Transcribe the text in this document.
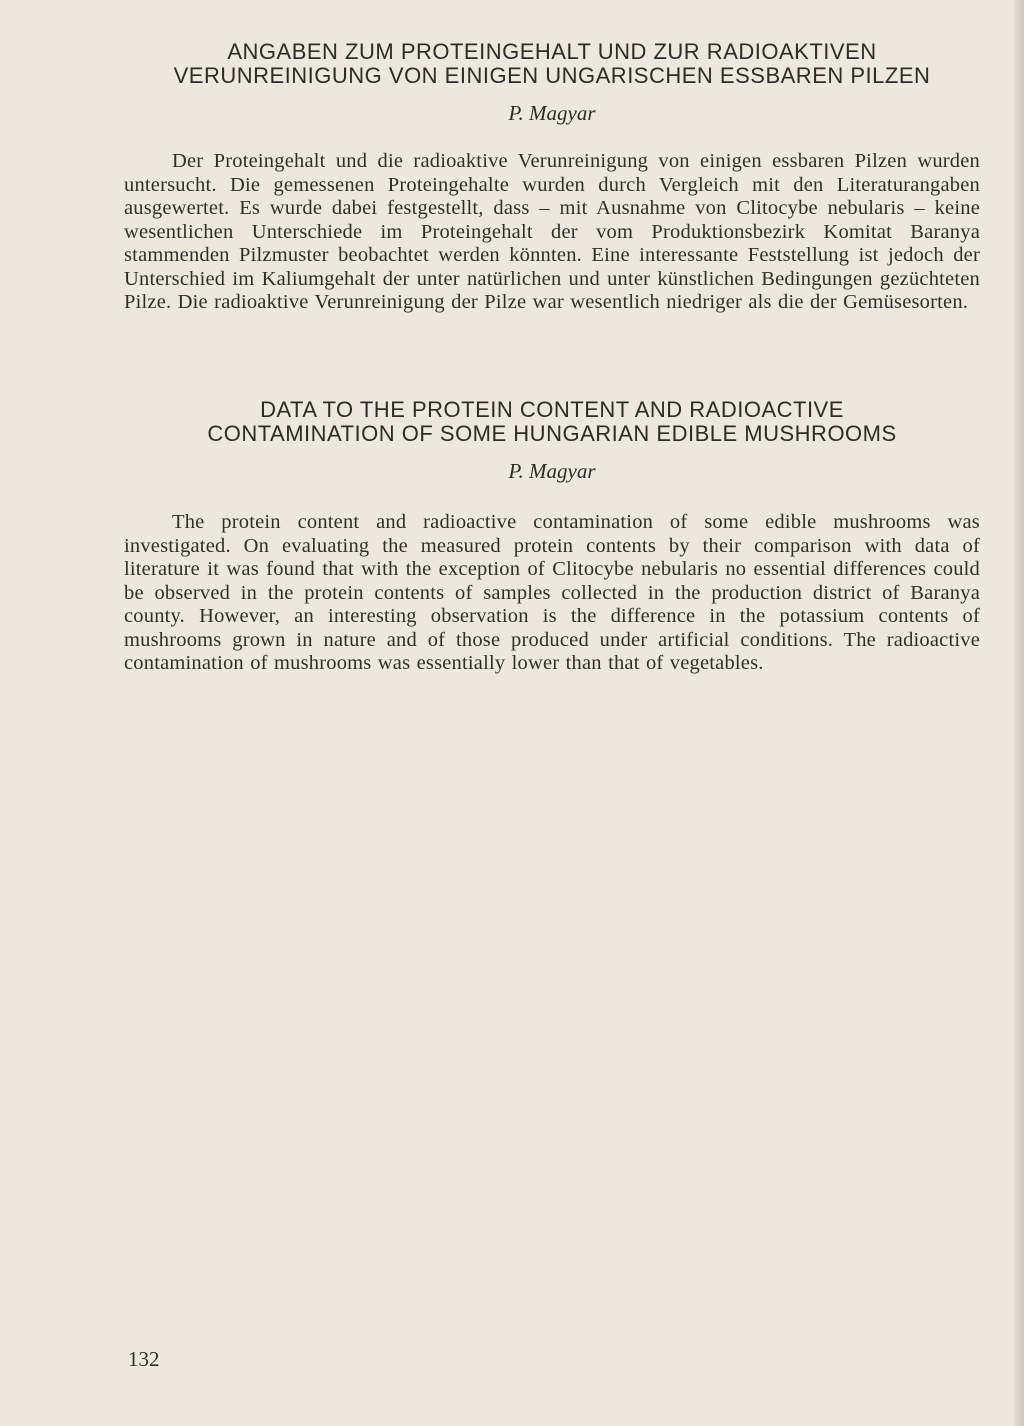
ANGABEN ZUM PROTEINGEHALT UND ZUR RADIOAKTIVEN
VERUNREINIGUNG VON EINIGEN UNGARISCHEN ESSBAREN PILZEN

P. Magyar

Der Proteingehalt und die radioaktive Verunreinigung von einigen essbaren Pilzen wurden untersucht. Die gemessenen Proteingehalte wurden durch Vergleich mit den Literaturangaben ausgewertet. Es wurde dabei festgestellt, dass – mit Ausnahme von Clitocybe nebularis – keine wesentlichen Unterschiede im Proteingehalt der vom Produktionsbezirk Komitat Baranya stammenden Pilzmuster beobachtet werden könnten. Eine interessante Feststellung ist jedoch der Unterschied im Kaliumgehalt der unter natürlichen und unter künstlichen Bedingungen gezüchteten Pilze. Die radioaktive Verunreinigung der Pilze war wesentlich niedriger als die der Gemüsesorten.

DATA TO THE PROTEIN CONTENT AND RADIOACTIVE
CONTAMINATION OF SOME HUNGARIAN EDIBLE MUSHROOMS

P. Magyar

The protein content and radioactive contamination of some edible mushrooms was investigated. On evaluating the measured protein contents by their comparison with data of literature it was found that with the exception of Clitocybe nebularis no essential differences could be observed in the protein contents of samples collected in the production district of Baranya county. However, an interesting observation is the difference in the potassium contents of mushrooms grown in nature and of those produced under artificial conditions. The radioactive contamination of mushrooms was essentially lower than that of vegetables.

132
